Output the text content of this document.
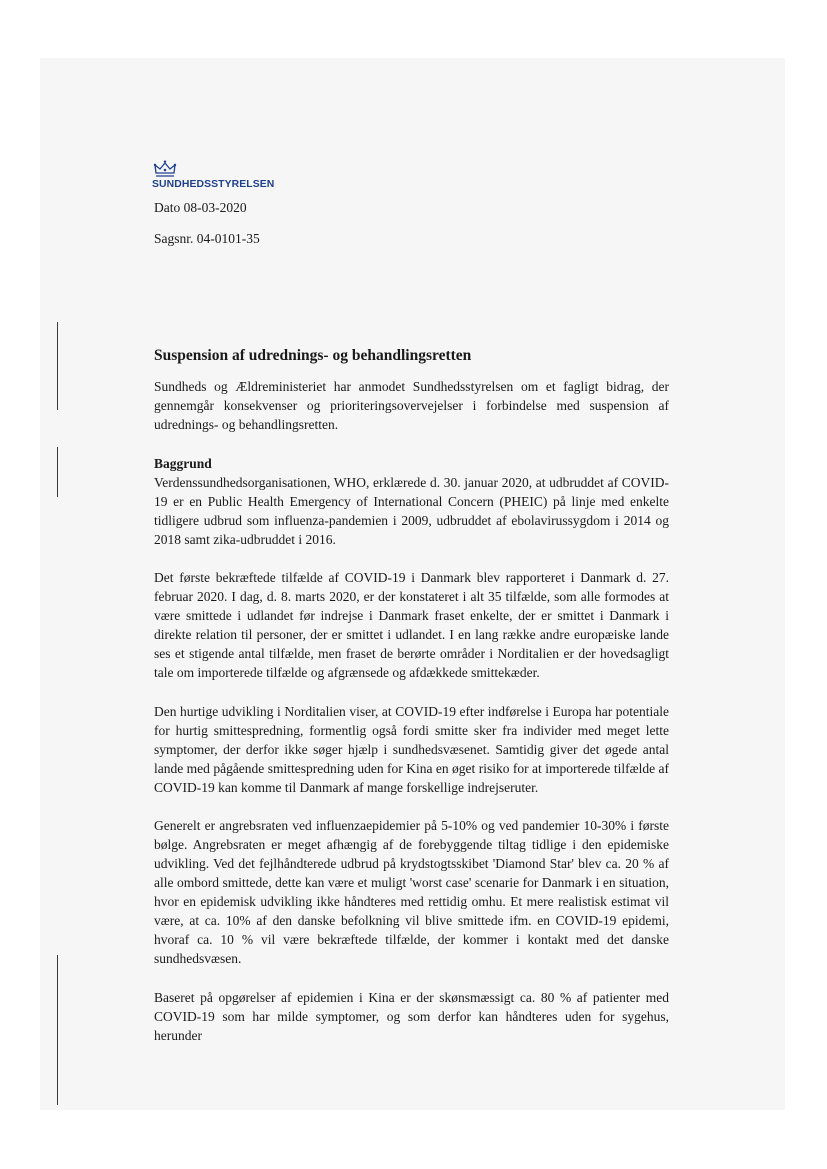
SUNDHEDSSTYRELSEN
Dato 08-03-2020
Sagsnr. 04-0101-35
Suspension af udrednings- og behandlingsretten

Sundheds og Ældreministeriet har anmodet Sundhedsstyrelsen om et fagligt bidrag, der gennemgår konsekvenser og prioriteringsovervejelser i forbindelse med suspension af udrednings- og behandlingsretten.

Baggrund
Verdenssundhedsorganisationen, WHO, erklærede d. 30. januar 2020, at udbruddet af COVID-19 er en Public Health Emergency of International Concern (PHEIC) på linje med enkelte tidligere udbrud som influenza-pandemien i 2009, udbruddet af ebolavirussygdom i 2014 og 2018 samt zika-udbruddet i 2016.

Det første bekræftede tilfælde af COVID-19 i Danmark blev rapporteret i Danmark d. 27. februar 2020. I dag, d. 8. marts 2020, er der konstateret i alt 35 tilfælde, som alle formodes at være smittede i udlandet før indrejse i Danmark fraset enkelte, der er smittet i Danmark i direkte relation til personer, der er smittet i udlandet. I en lang række andre europæiske lande ses et stigende antal tilfælde, men fraset de berørte områder i Norditalien er der hovedsagligt tale om importerede tilfælde og afgrænsede og afdækkede smittekæder.

Den hurtige udvikling i Norditalien viser, at COVID-19 efter indførelse i Europa har potentiale for hurtig smittespredning, formentlig også fordi smitte sker fra individer med meget lette symptomer, der derfor ikke søger hjælp i sundhedsvæsenet. Samtidig giver det øgede antal lande med pågående smittespredning uden for Kina en øget risiko for at importerede tilfælde af COVID-19 kan komme til Danmark af mange forskellige indrejseruter.

Generelt er angrebsraten ved influenzaepidemier på 5-10% og ved pandemier 10-30% i første bølge. Angrebsraten er meget afhængig af de forebyggende tiltag tidlige i den epidemiske udvikling. Ved det fejlhåndterede udbrud på krydstogtsskibet 'Diamond Star' blev ca. 20 % af alle ombord smittede, dette kan være et muligt 'worst case' scenarie for Danmark i en situation, hvor en epidemisk udvikling ikke håndteres med rettidig omhu. Et mere realistisk estimat vil være, at ca. 10% af den danske befolkning vil blive smittede ifm. en COVID-19 epidemi, hvoraf ca. 10 % vil være bekræftede tilfælde, der kommer i kontakt med det danske sundhedsvæsen.

Baseret på opgørelser af epidemien i Kina er der skønsmæssigt ca. 80 % af patienter med COVID-19 som har milde symptomer, og som derfor kan håndteres uden for sygehus, herunder
